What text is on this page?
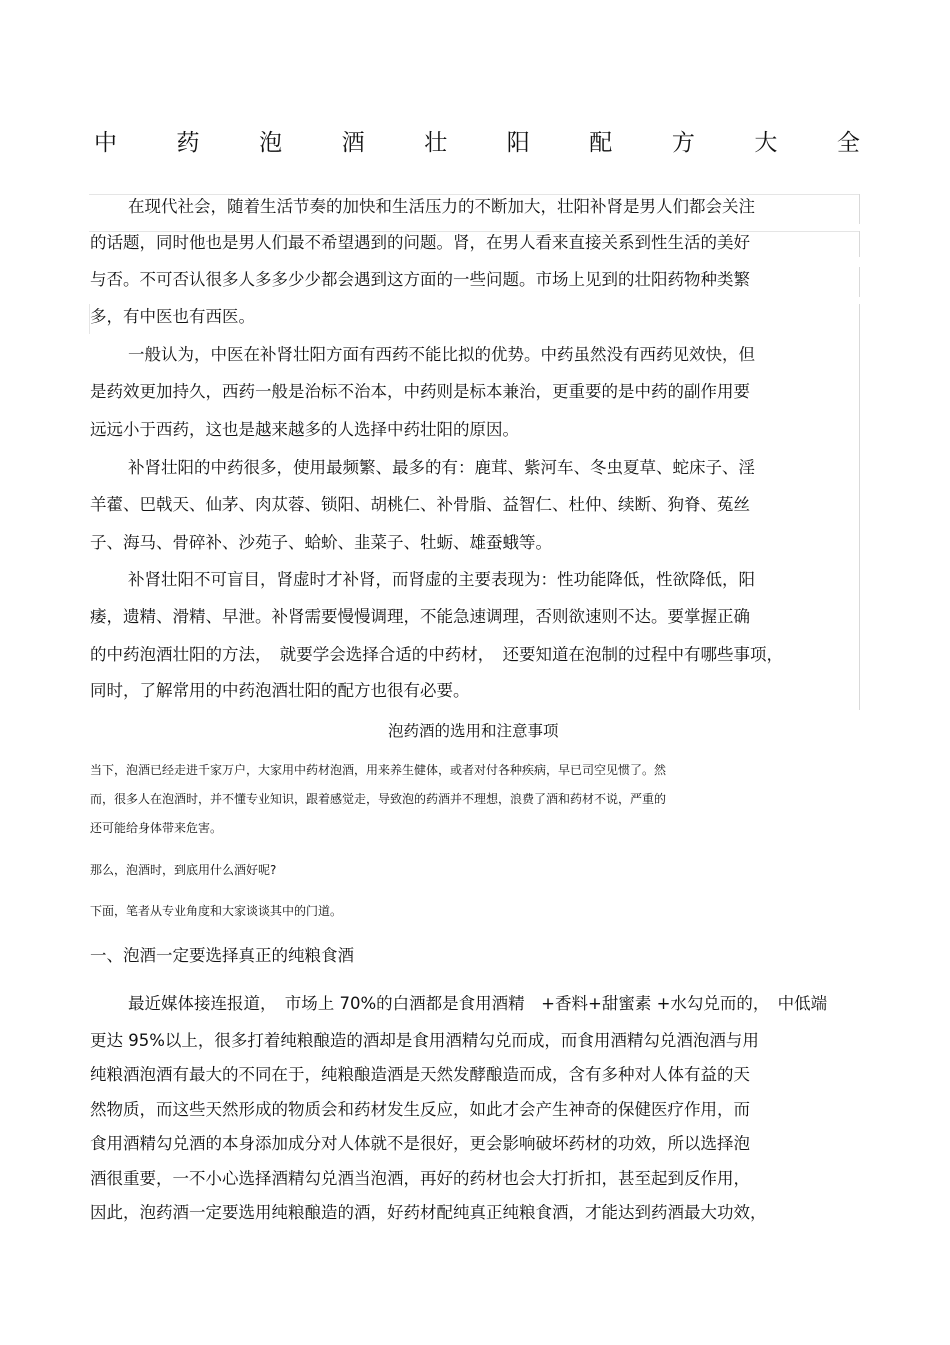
中	药	泡	酒	壮	阳	配	方	大	全
在现代社会，随着生活节奏的加快和生活压力的不断加大，壮阳补肾是男人们都会关注
的话题，同时他也是男人们最不希望遇到的问题。肾，在男人看来直接关系到性生活的美好
与否。不可否认很多人多多少少都会遇到这方面的一些问题。市场上见到的壮阳药物种类繁
多，有中医也有西医。
一般认为，中医在补肾壮阳方面有西药不能比拟的优势。中药虽然没有西药见效快，但
是药效更加持久，西药一般是治标不治本，中药则是标本兼治，更重要的是中药的副作用要
远远小于西药，这也是越来越多的人选择中药壮阳的原因。
补肾壮阳的中药很多，使用最频繁、最多的有：鹿茸、紫河车、冬虫夏草、蛇床子、淫
羊藿、巴戟天、仙茅、肉苁蓉、锁阳、胡桃仁、补骨脂、益智仁、杜仲、续断、狗脊、菟丝
子、海马、骨碎补、沙苑子、蛤蚧、韭菜子、牡蛎、雄蚕蛾等。
补肾壮阳不可盲目，肾虚时才补肾，而肾虚的主要表现为：性功能降低，性欲降低，阳
痿，遗精、滑精、早泄。补肾需要慢慢调理，不能急速调理，否则欲速则不达。要掌握正确
的中药泡酒壮阳的方法，　就要学会选择合适的中药材，　还要知道在泡制的过程中有哪些事项，
同时，了解常用的中药泡酒壮阳的配方也很有必要。
泡药酒的选用和注意事项
当下，泡酒已经走进千家万户，大家用中药材泡酒，用来养生健体，或者对付各种疾病，早已司空见惯了。然
而，很多人在泡酒时，并不懂专业知识，跟着感觉走，导致泡的药酒并不理想，浪费了酒和药材不说，严重的
还可能给身体带来危害。
那么，泡酒时，到底用什么酒好呢?
下面，笔者从专业角度和大家谈谈其中的门道。
一、泡酒一定要选择真正的纯粮食酒
最近媒体接连报道，　市场上 70%的白酒都是食用酒精　+香料+甜蜜素 +水勾兑而的，　中低端
更达 95%以上，很多打着纯粮酿造的酒却是食用酒精勾兑而成，而食用酒精勾兑酒泡酒与用
纯粮酒泡酒有最大的不同在于，纯粮酿造酒是天然发酵酿造而成，含有多种对人体有益的天
然物质，而这些天然形成的物质会和药材发生反应，如此才会产生神奇的保健医疗作用，而
食用酒精勾兑酒的本身添加成分对人体就不是很好，更会影响破坏药材的功效，所以选择泡
酒很重要，一不小心选择酒精勾兑酒当泡酒，再好的药材也会大打折扣，甚至起到反作用，
因此，泡药酒一定要选用纯粮酿造的酒，好药材配纯真正纯粮食酒，才能达到药酒最大功效，
